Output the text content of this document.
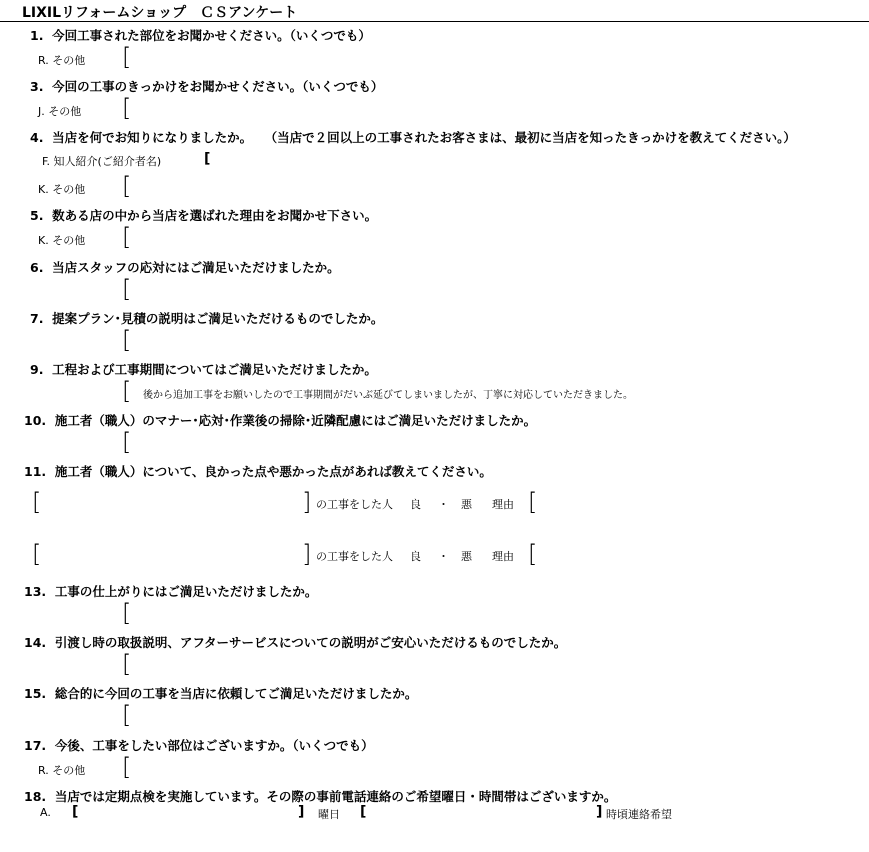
LIXILリフォームショップ　ＣＳアンケート
1. 今回工事された部位をお聞かせください。（いくつでも）
R. その他 [
3. 今回の工事のきっかけをお聞かせください。（いくつでも）
J. その他 [
4. 当店を何でお知りになりましたか。　　（当店で２回以上の工事されたお客さまは、最初に当店を知ったきっかけを教えてください。）
F. 知人紹介(ご紹介者名)	[
K. その他 [
5. 数ある店の中から当店を選ばれた理由をお聞かせ下さい。
K. その他 [
6. 当店スタッフの応対にはご満足いただけましたか。
[
7. 提案プラン･見積の説明はご満足いただけるものでしたか。
[
9. 工程および工事期間についてはご満足いただけましたか。
[ 後から追加工事をお願いしたので工事期間がだいぶ延びてしまいましたが、丁寧に対応していただきました。
10. 施工者（職人）のマナー･応対･作業後の掃除･近隣配慮にはご満足いただけましたか。
[
11. 施工者（職人）について、良かった点や悪かった点があれば教えてください。
[	] の工事をした人 良 ・ 悪 理由 [
[	] の工事をした人 良 ・ 悪 理由 [
13. 工事の仕上がりにはご満足いただけましたか。
[
14. 引渡し時の取扱説明、アフターサービスについての説明がご安心いただけるものでしたか。
[
15. 総合的に今回の工事を当店に依頼してご満足いただけましたか。
[
17. 今後、工事をしたい部位はございますか。（いくつでも）
R. その他 [
18. 当店では定期点検を実施しています。その際の事前電話連絡のご希望曜日・時間帯はございますか。
A. [	] 曜日 [	] 時頃連絡希望
